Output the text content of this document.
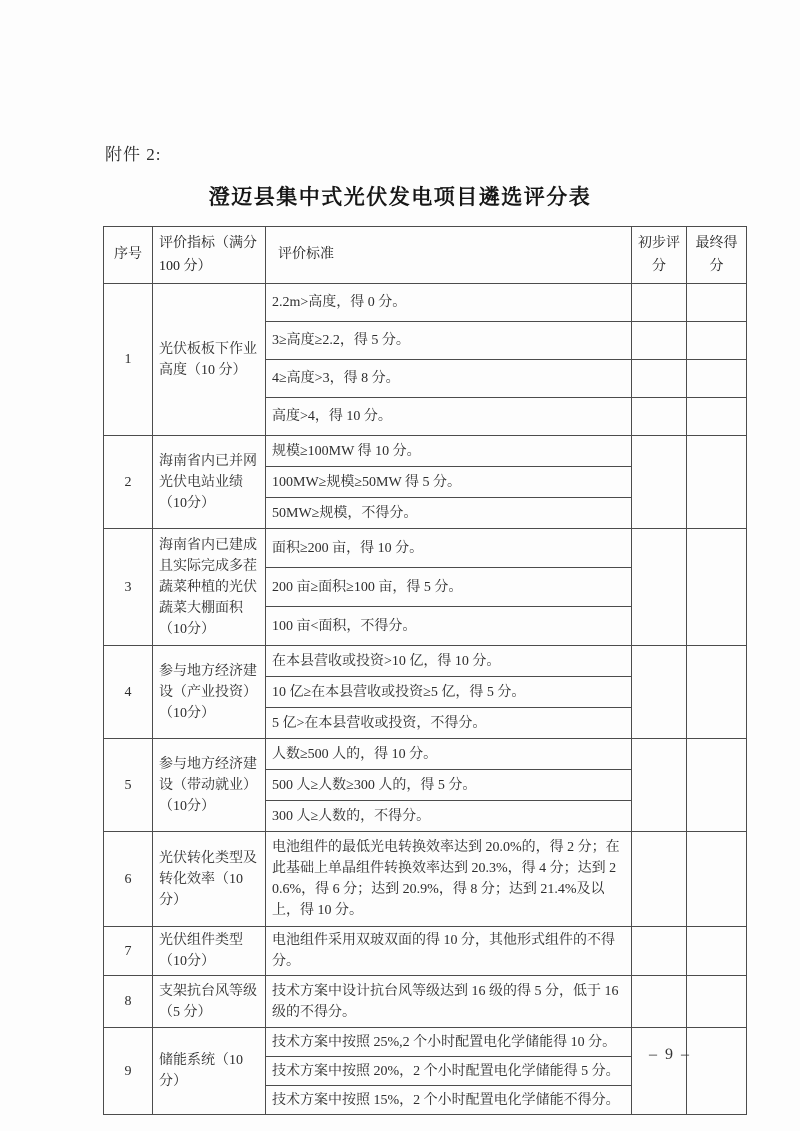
附件 2:
澄迈县集中式光伏发电项目遴选评分表
序号	评价指标（满分 100 分）	评价标准	初步评分	最终得分
1	光伏板板下作业高度（10 分）	2.2m>高度，得 0 分。		
		3≥高度≥2.2，得 5 分。		
		4≥高度>3，得 8 分。		
		高度>4，得 10 分。		
2	海南省内已并网光伏电站业绩（10分）	规模≥100MW 得 10 分。		
		100MW≥规模≥50MW 得 5 分。		
		50MW≥规模，不得分。		
3	海南省内已建成且实际完成多茬蔬菜种植的光伏蔬菜大棚面积（10分）	面积≥200 亩，得 10 分。		
		200 亩≥面积≥100 亩，得 5 分。		
		100 亩<面积，不得分。		
4	参与地方经济建设（产业投资）（10分）	在本县营收或投资>10 亿，得 10 分。		
		10 亿≥在本县营收或投资≥5 亿，得 5 分。		
		5 亿>在本县营收或投资，不得分。		
5	参与地方经济建设（带动就业）（10分）	人数≥500 人的，得 10 分。		
		500 人≥人数≥300 人的，得 5 分。		
		300 人≥人数的，不得分。		
6	光伏转化类型及转化效率（10 分）	电池组件的最低光电转换效率达到 20.0%的，得 2 分；在此基础上单晶组件转换效率达到 20.3%，得 4 分；达到 20.6%，得 6 分；达到 20.9%，得 8 分；达到 21.4%及以上，得 10 分。		
7	光伏组件类型（10分）	电池组件采用双玻双面的得 10 分，其他形式组件的不得分。		
8	支架抗台风等级（5 分）	技术方案中设计抗台风等级达到 16 级的得 5 分，低于 16 级的不得分。		
9	储能系统（10 分）	技术方案中按照 25%,2 个小时配置电化学储能得 10 分。		
		技术方案中按照 20%，2 个小时配置电化学储能得 5 分。		
		技术方案中按照 15%，2 个小时配置电化学储能不得分。		
– 9 –
